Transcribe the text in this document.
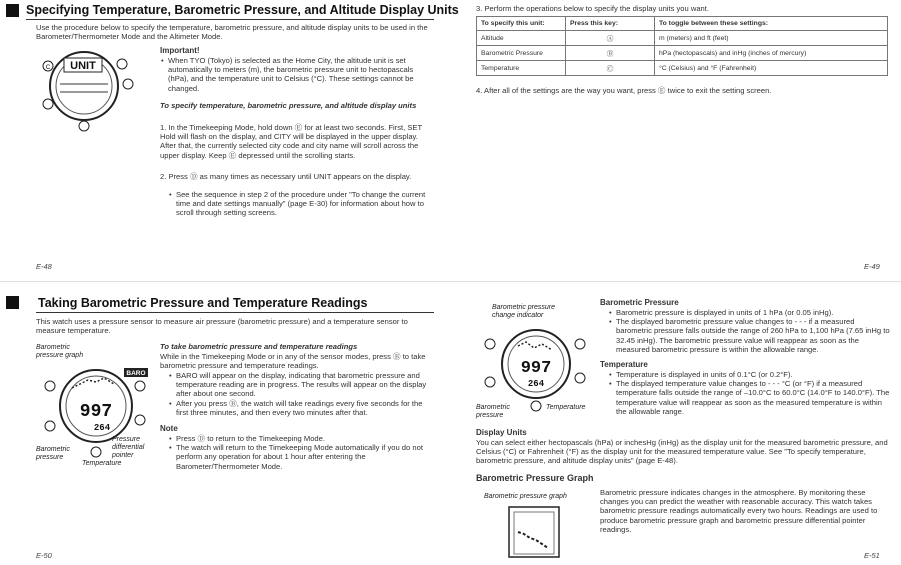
Specifying Temperature, Barometric Pressure, and Altitude Display Units
Use the procedure below to specify the temperature, barometric pressure, and altitude display units to be used in the Barometer/Thermometer Mode and the Altimeter Mode.
UNIT
C
Important!
• When TYO (Tokyo) is selected as the Home City, the altitude unit is set automatically to meters (m), the barometric pressure unit to hectopascals (hPa), and the temperature unit to Celsius (°C). These settings cannot be changed.
To specify temperature, barometric pressure, and altitude display units
1. In the Timekeeping Mode, hold down Ⓔ for at least two seconds. First, SET Hold will flash on the display, and CITY will be displayed in the upper display. After that, the currently selected city code and city name will scroll across the upper display. Keep Ⓔ depressed until the scrolling starts.
2. Press Ⓓ as many times as necessary until UNIT appears on the display.
• See the sequence in step 2 of the procedure under "To change the current time and date settings manually" (page E-30) for information about how to scroll through setting screens.
E-48
3. Perform the operations below to specify the display units you want.
To specify this unit:	Press this key:	To toggle between these settings:
Altitude	Ⓐ	m (meters) and ft (feet)
Barometric Pressure	Ⓑ	hPa (hectopascals) and inHg (inches of mercury)
Temperature	Ⓒ	°C (Celsius) and °F (Fahrenheit)
4. After all of the settings are the way you want, press Ⓔ twice to exit the setting screen.
E-49
Taking Barometric Pressure and Temperature Readings
This watch uses a pressure sensor to measure air pressure (barometric pressure) and a temperature sensor to measure temperature.
Barometric pressure graph
BARO
997
264
Barometric pressure
Temperature
Pressure differential pointer
To take barometric pressure and temperature readings
While in the Timekeeping Mode or in any of the sensor modes, press Ⓑ to take barometric pressure and temperature readings.
• BARO will appear on the display, indicating that barometric pressure and temperature reading are in progress. The results will appear on the display after about one second.
• After you press Ⓑ, the watch will take readings every five seconds for the first three minutes, and then every two minutes after that.
Note
• Press Ⓓ to return to the Timekeeping Mode.
• The watch will return to the Timekeeping Mode automatically if you do not perform any operation for about 1 hour after entering the Barometer/Thermometer Mode.
E-50
Barometric pressure change indicator
997
264
Barometric pressure
Temperature
Barometric Pressure
• Barometric pressure is displayed in units of 1 hPa (or 0.05 inHg).
• The displayed barometric pressure value changes to - - - if a measured barometric pressure falls outside the range of 260 hPa to 1,100 hPa (7.65 inHg to 32.45 inHg). The barometric pressure value will reappear as soon as the measured barometric pressure is within the allowable range.
Temperature
• Temperature is displayed in units of 0.1°C (or 0.2°F).
• The displayed temperature value changes to - - - °C (or °F) if a measured temperature falls outside the range of –10.0°C to 60.0°C (14.0°F to 140.0°F). The temperature value will reappear as soon as the measured temperature is within the allowable range.
Display Units
You can select either hectopascals (hPa) or inchesHg (inHg) as the display unit for the measured barometric pressure, and Celsius (°C) or Fahrenheit (°F) as the display unit for the measured temperature value. See "To specify temperature, barometric pressure, and altitude display units" (page E-48).
Barometric Pressure Graph
Barometric pressure graph	Barometric pressure indicates changes in the atmosphere. By monitoring these changes you can predict the weather with reasonable accuracy. This watch takes barometric pressure readings automatically every two hours. Readings are used to produce barometric pressure graph and barometric pressure differential pointer readings.
E-51
